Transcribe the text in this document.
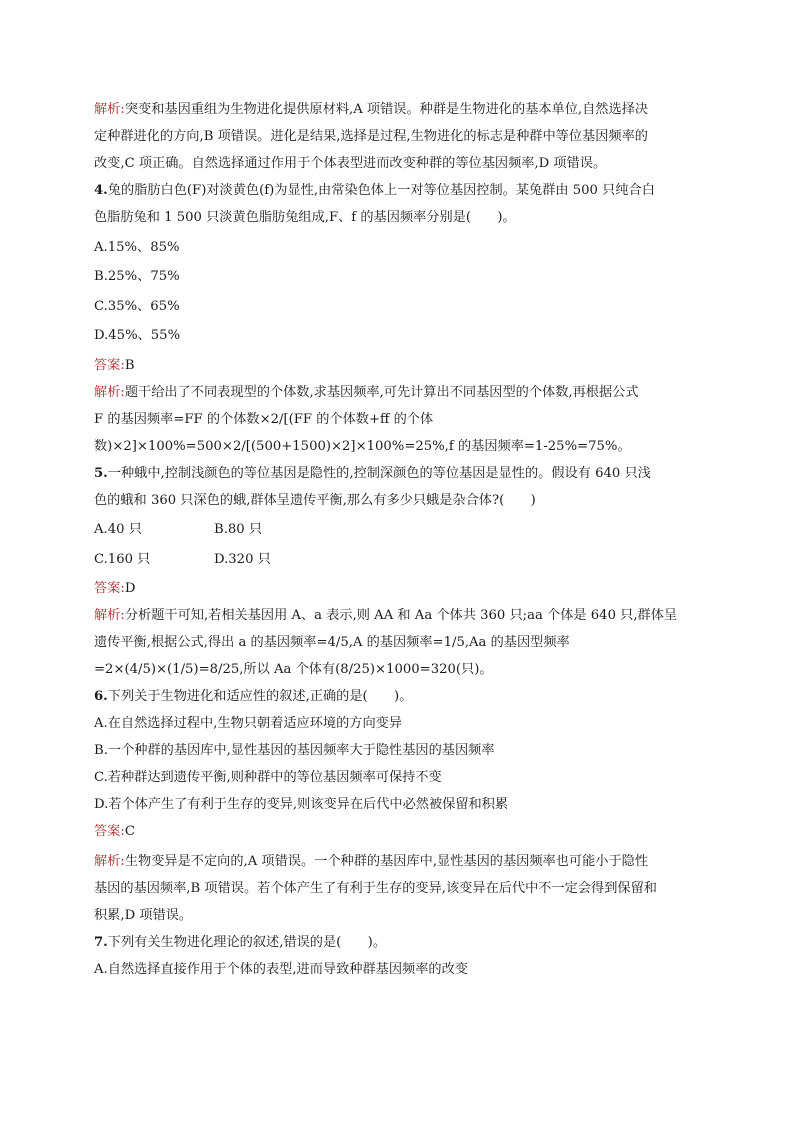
解析:突变和基因重组为生物进化提供原材料,A 项错误。种群是生物进化的基本单位,自然选择决
定种群进化的方向,B 项错误。进化是结果,选择是过程,生物进化的标志是种群中等位基因频率的
改变,C 项正确。自然选择通过作用于个体表型进而改变种群的等位基因频率,D 项错误。
4.兔的脂肪白色(F)对淡黄色(f)为显性,由常染色体上一对等位基因控制。某兔群由 500 只纯合白
色脂肪兔和 1 500 只淡黄色脂肪兔组成,F、f 的基因频率分别是(　　)。
A.15%、85%
B.25%、75%
C.35%、65%
D.45%、55%
答案:B
解析:题干给出了不同表现型的个体数,求基因频率,可先计算出不同基因型的个体数,再根据公式
F 的基因频率=FF 的个体数×2/[(FF 的个体数+ff 的个体
数)×2]×100%=500×2/[(500+1500)×2]×100%=25%,f 的基因频率=1-25%=75%。
5.一种蛾中,控制浅颜色的等位基因是隐性的,控制深颜色的等位基因是显性的。假设有 640 只浅
色的蛾和 360 只深色的蛾,群体呈遗传平衡,那么有多少只蛾是杂合体?(　　)
A.40 只	B.80 只
C.160 只	D.320 只
答案:D
解析:分析题干可知,若相关基因用 A、a 表示,则 AA 和 Aa 个体共 360 只;aa 个体是 640 只,群体呈
遗传平衡,根据公式,得出 a 的基因频率=4/5,A 的基因频率=1/5,Aa 的基因型频率
=2×(4/5)×(1/5)=8/25,所以 Aa 个体有(8/25)×1000=320(只)。
6.下列关于生物进化和适应性的叙述,正确的是(　　)。
A.在自然选择过程中,生物只朝着适应环境的方向变异
B.一个种群的基因库中,显性基因的基因频率大于隐性基因的基因频率
C.若种群达到遗传平衡,则种群中的等位基因频率可保持不变
D.若个体产生了有利于生存的变异,则该变异在后代中必然被保留和积累
答案:C
解析:生物变异是不定向的,A 项错误。一个种群的基因库中,显性基因的基因频率也可能小于隐性
基因的基因频率,B 项错误。若个体产生了有利于生存的变异,该变异在后代中不一定会得到保留和
积累,D 项错误。
7.下列有关生物进化理论的叙述,错误的是(　　)。
A.自然选择直接作用于个体的表型,进而导致种群基因频率的改变
